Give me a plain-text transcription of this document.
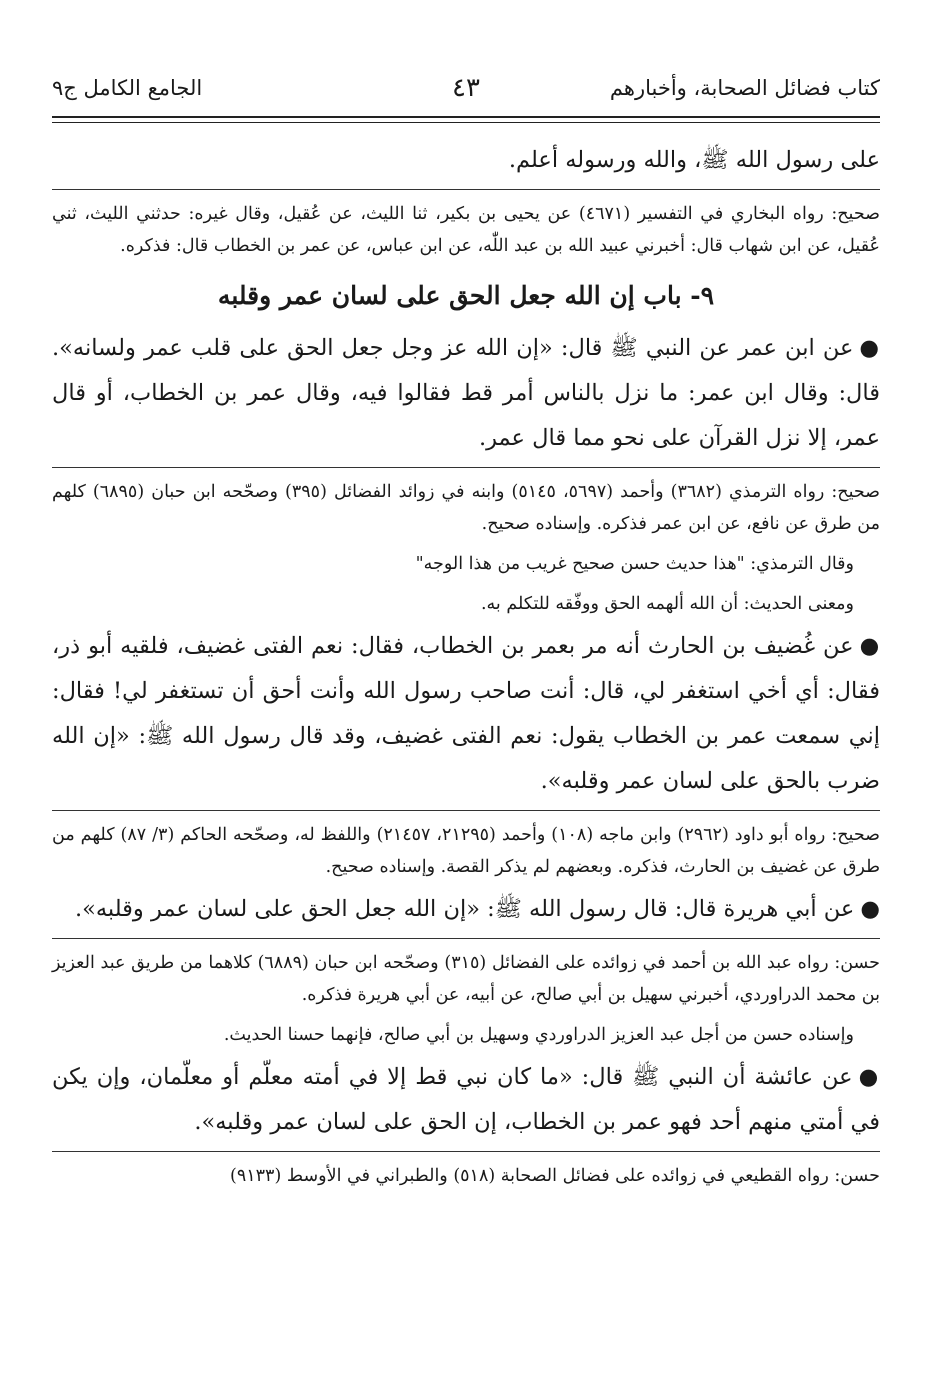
كتاب فضائل الصحابة، وأخبارهم
٤٣
الجامع الكامل ج٩

على رسول الله ﷺ، والله ورسوله أعلم.

صحيح: رواه البخاري في التفسير (٤٦٧١) عن يحيى بن بكير، ثنا الليث، عن عُقيل، وقال غيره: حدثني الليث، ثني عُقيل، عن ابن شهاب قال: أخبرني عبيد الله بن عبد اللّٰه، عن ابن عباس، عن عمر بن الخطاب قال: فذكره.

٩- باب إن الله جعل الحق على لسان عمر وقلبه

●عن ابن عمر عن النبي ﷺ قال: «إن الله عز وجل جعل الحق على قلب عمر ولسانه». قال: وقال ابن عمر: ما نزل بالناس أمر قط فقالوا فيه، وقال عمر بن الخطاب، أو قال عمر، إلا نزل القرآن على نحو مما قال عمر.

صحيح: رواه الترمذي (٣٦٨٢) وأحمد (٥٦٩٧، ٥١٤٥) وابنه في زوائد الفضائل (٣٩٥) وصحّحه ابن حبان (٦٨٩٥) كلهم من طرق عن نافع، عن ابن عمر فذكره. وإسناده صحيح.

وقال الترمذي: "هذا حديث حسن صحيح غريب من هذا الوجه"

ومعنى الحديث: أن الله ألهمه الحق ووفّقه للتكلم به.

●عن غُضيف بن الحارث أنه مر بعمر بن الخطاب، فقال: نعم الفتى غضيف، فلقيه أبو ذر، فقال: أي أخي استغفر لي، قال: أنت صاحب رسول الله وأنت أحق أن تستغفر لي! فقال: إني سمعت عمر بن الخطاب يقول: نعم الفتى غضيف، وقد قال رسول الله ﷺ: «إن الله ضرب بالحق على لسان عمر وقلبه».

صحيح: رواه أبو داود (٢٩٦٢) وابن ماجه (١٠٨) وأحمد (٢١٢٩٥، ٢١٤٥٧) واللفظ له، وصحّحه الحاكم (٣/ ٨٧) كلهم من طرق عن غضيف بن الحارث، فذكره. وبعضهم لم يذكر القصة. وإسناده صحيح.

●عن أبي هريرة قال: قال رسول الله ﷺ: «إن الله جعل الحق على لسان عمر وقلبه».

حسن: رواه عبد الله بن أحمد في زوائده على الفضائل (٣١٥) وصحّحه ابن حبان (٦٨٨٩) كلاهما من طريق عبد العزيز بن محمد الدراوردي، أخبرني سهيل بن أبي صالح، عن أبيه، عن أبي هريرة فذكره.

وإسناده حسن من أجل عبد العزيز الدراوردي وسهيل بن أبي صالح، فإنهما حسنا الحديث.

●عن عائشة أن النبي ﷺ قال: «ما كان نبي قط إلا في أمته معلّم أو معلّمان، وإن يكن في أمتي منهم أحد فهو عمر بن الخطاب، إن الحق على لسان عمر وقلبه».

حسن: رواه القطيعي في زوائده على فضائل الصحابة (٥١٨) والطبراني في الأوسط (٩١٣٣)
